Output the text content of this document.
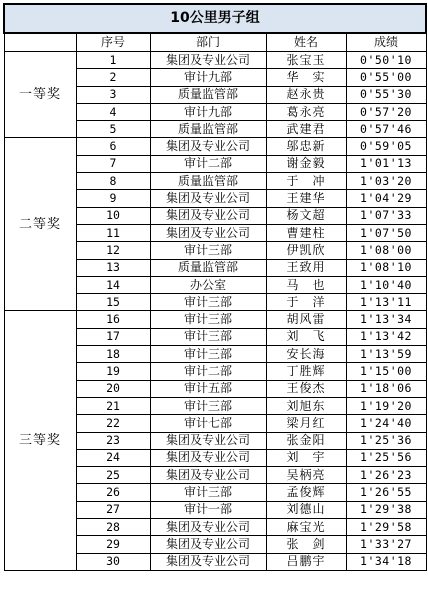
10公里男子组				
	序号	部门	姓名	成绩
一等奖	1	集团及专业公司	张宝玉	0'50'10
	2	审计九部	华　实	0'55'00
	3	质量监管部	赵永贵	0'55'30
	4	审计九部	葛永亮	0'57'20
	5	质量监管部	武建君	0'57'46
二等奖	6	集团及专业公司	邬忠新	0'59'05
	7	审计二部	谢金毅	1'01'13
	8	质量监管部	于　冲	1'03'20
	9	集团及专业公司	王建华	1'04'29
	10	集团及专业公司	杨文超	1'07'33
	11	集团及专业公司	曹建柱	1'07'50
	12	审计三部	伊凯欣	1'08'00
	13	质量监管部	王致用	1'08'10
	14	办公室	马　也	1'10'40
	15	审计三部	于　洋	1'13'11
三等奖	16	审计三部	胡风雷	1'13'34
	17	审计三部	刘　飞	1'13'42
	18	审计三部	安长海	1'13'59
	19	审计二部	丁胜辉	1'15'00
	20	审计五部	王俊杰	1'18'06
	21	审计三部	刘旭东	1'19'20
	22	审计七部	梁月红	1'24'40
	23	集团及专业公司	张金阳	1'25'36
	24	集团及专业公司	刘　宇	1'25'56
	25	集团及专业公司	吴柄亮	1'26'23
	26	审计三部	孟俊辉	1'26'55
	27	审计一部	刘德山	1'29'38
	28	集团及专业公司	麻宝光	1'29'58
	29	集团及专业公司	张　剑	1'33'27
	30	集团及专业公司	吕鹏宇	1'34'18
